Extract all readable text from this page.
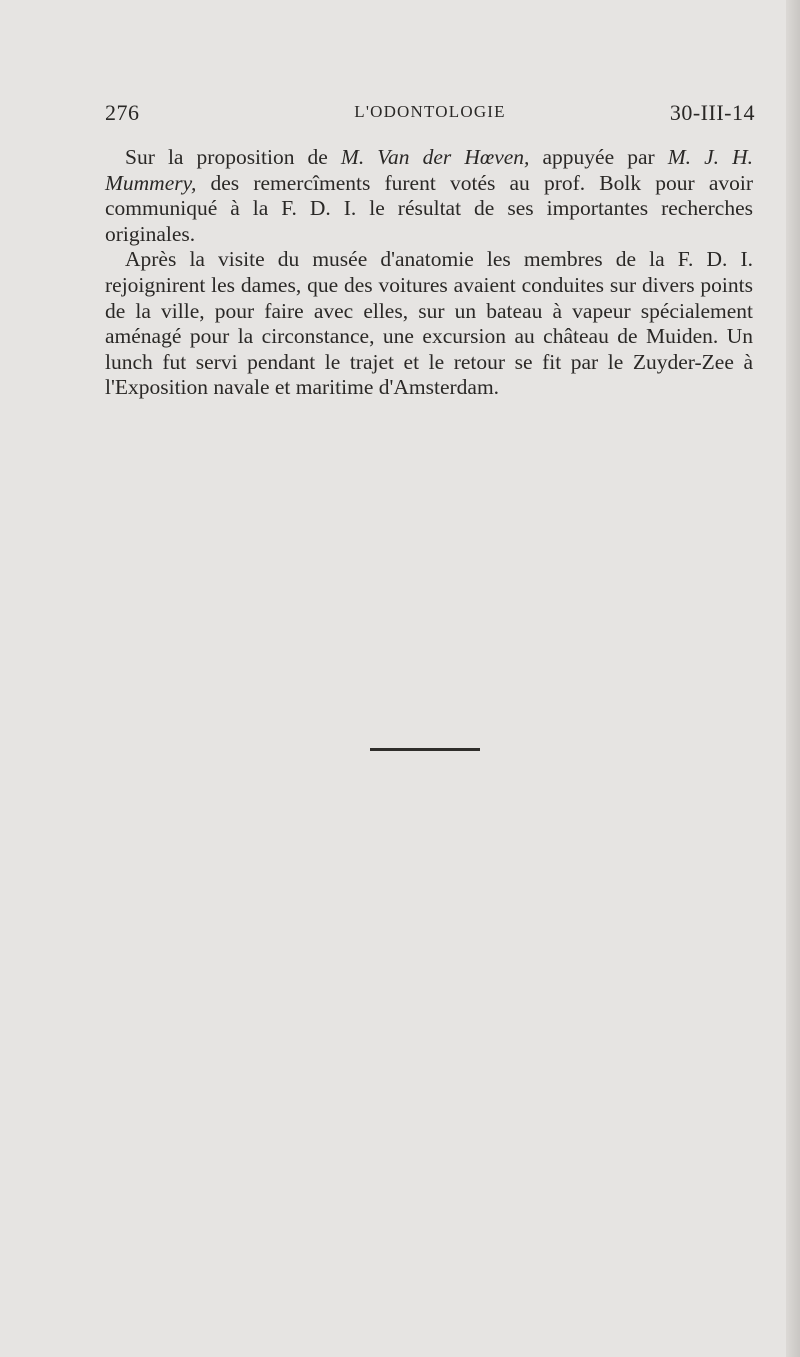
276	L'ODONTOLOGIE	30-III-14

Sur la proposition de M. Van der Hœven, appuyée par M. J. H. Mummery, des remercîments furent votés au prof. Bolk pour avoir communiqué à la F. D. I. le résultat de ses importantes recherches originales.

Après la visite du musée d'anatomie les membres de la F. D. I. rejoignirent les dames, que des voitures avaient conduites sur divers points de la ville, pour faire avec elles, sur un bateau à vapeur spécialement aménagé pour la circonstance, une excursion au château de Muiden. Un lunch fut servi pendant le trajet et le retour se fit par le Zuyder-Zee à l'Exposition navale et maritime d'Amsterdam.
